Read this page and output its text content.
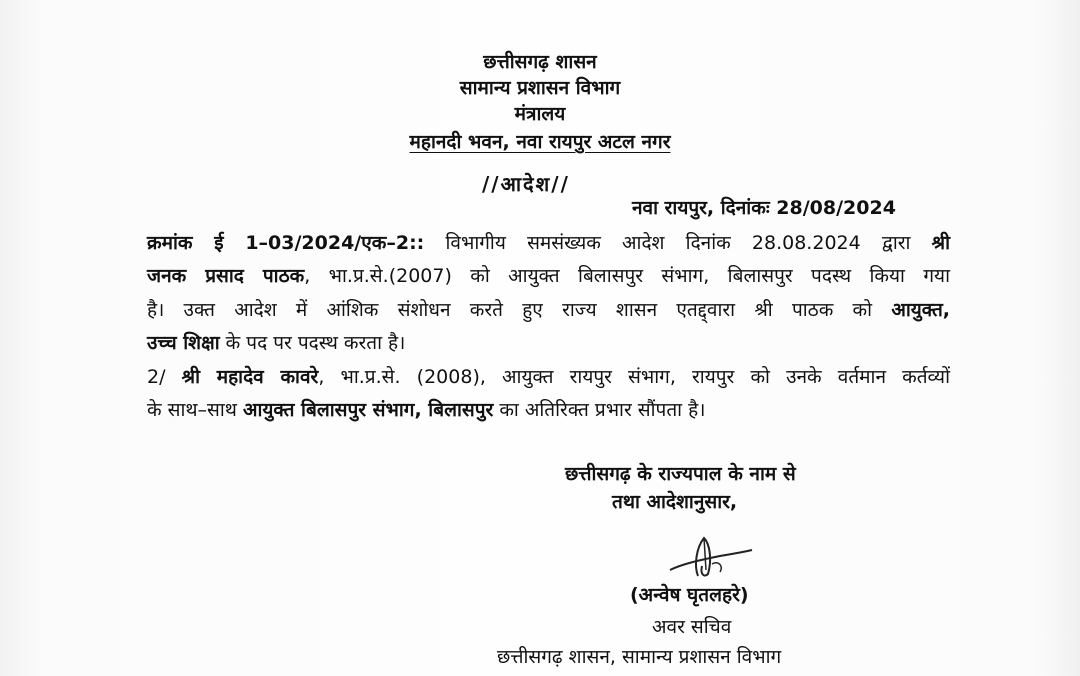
छत्तीसगढ़ शासन
सामान्य प्रशासन विभाग
मंत्रालय
महानदी भवन, नवा रायपुर अटल नगर
//आदेश//
नवा रायपुर, दिनांकः 28/08/2024
क्रमांक ई 1–03/2024/एक–2:: विभागीय समसंख्यक आदेश दिनांक 28.08.2024 द्वारा श्री
जनक प्रसाद पाठक, भा.प्र.से.(2007) को आयुक्त बिलासपुर संभाग, बिलासपुर पदस्थ किया गया
है। उक्त आदेश में आंशिक संशोधन करते हुए राज्य शासन एतद्द्वारा श्री पाठक को आयुक्त,
उच्च शिक्षा के पद पर पदस्थ करता है।
2/ श्री महादेव कावरे, भा.प्र.से. (2008), आयुक्त रायपुर संभाग, रायपुर को उनके वर्तमान कर्तव्यों
के साथ–साथ आयुक्त बिलासपुर संभाग, बिलासपुर का अतिरिक्त प्रभार सौंपता है।
छत्तीसगढ़ के राज्यपाल के नाम से
तथा आदेशानुसार,
(अन्वेष घृतलहरे)
अवर सचिव
छत्तीसगढ़ शासन, सामान्य प्रशासन विभाग
